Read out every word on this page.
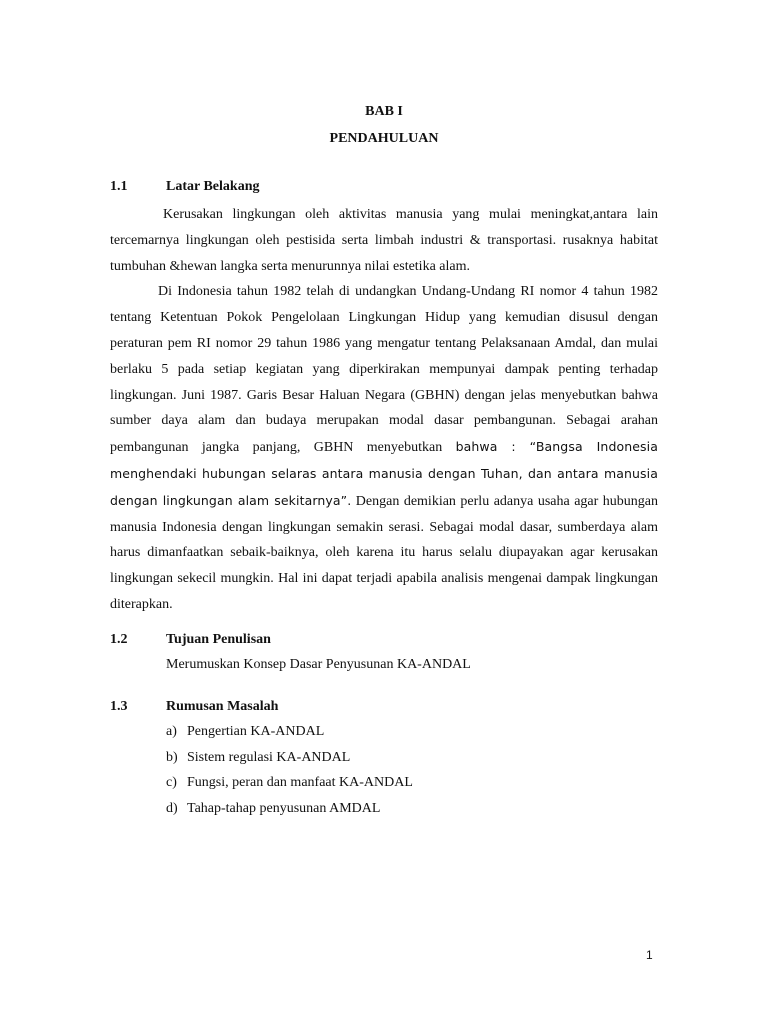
BAB I
PENDAHULUAN
1.1	Latar Belakang

Kerusakan lingkungan oleh aktivitas manusia yang mulai meningkat,antara lain tercemarnya lingkungan oleh pestisida serta limbah industri & transportasi. rusaknya habitat tumbuhan &hewan langka serta menurunnya nilai estetika alam.

Di Indonesia tahun 1982 telah di undangkan Undang-Undang RI nomor 4 tahun 1982 tentang Ketentuan Pokok Pengelolaan Lingkungan Hidup yang kemudian disusul dengan peraturan pem RI nomor 29 tahun 1986 yang mengatur tentang Pelaksanaan Amdal, dan mulai berlaku 5 pada setiap kegiatan yang diperkirakan mempunyai dampak penting terhadap lingkungan. Juni 1987. Garis Besar Haluan Negara (GBHN) dengan jelas menyebutkan bahwa sumber daya alam dan budaya merupakan modal dasar pembangunan. Sebagai arahan pembangunan jangka panjang, GBHN menyebutkan bahwa : “Bangsa Indonesia menghendaki hubungan selaras antara manusia dengan Tuhan, dan antara manusia dengan lingkungan alam sekitarnya”. Dengan demikian perlu adanya usaha agar hubungan manusia Indonesia dengan lingkungan semakin serasi. Sebagai modal dasar, sumberdaya alam harus dimanfaatkan sebaik-baiknya, oleh karena itu harus selalu diupayakan agar kerusakan lingkungan sekecil mungkin. Hal ini dapat terjadi apabila analisis mengenai dampak lingkungan diterapkan.

1.2	Tujuan Penulisan
Merumuskan Konsep Dasar Penyusunan KA-ANDAL
1.3	Rumusan Masalah
a) Pengertian KA-ANDAL
b) Sistem regulasi KA-ANDAL
c) Fungsi, peran dan manfaat KA-ANDAL
d) Tahap-tahap penyusunan AMDAL
1
